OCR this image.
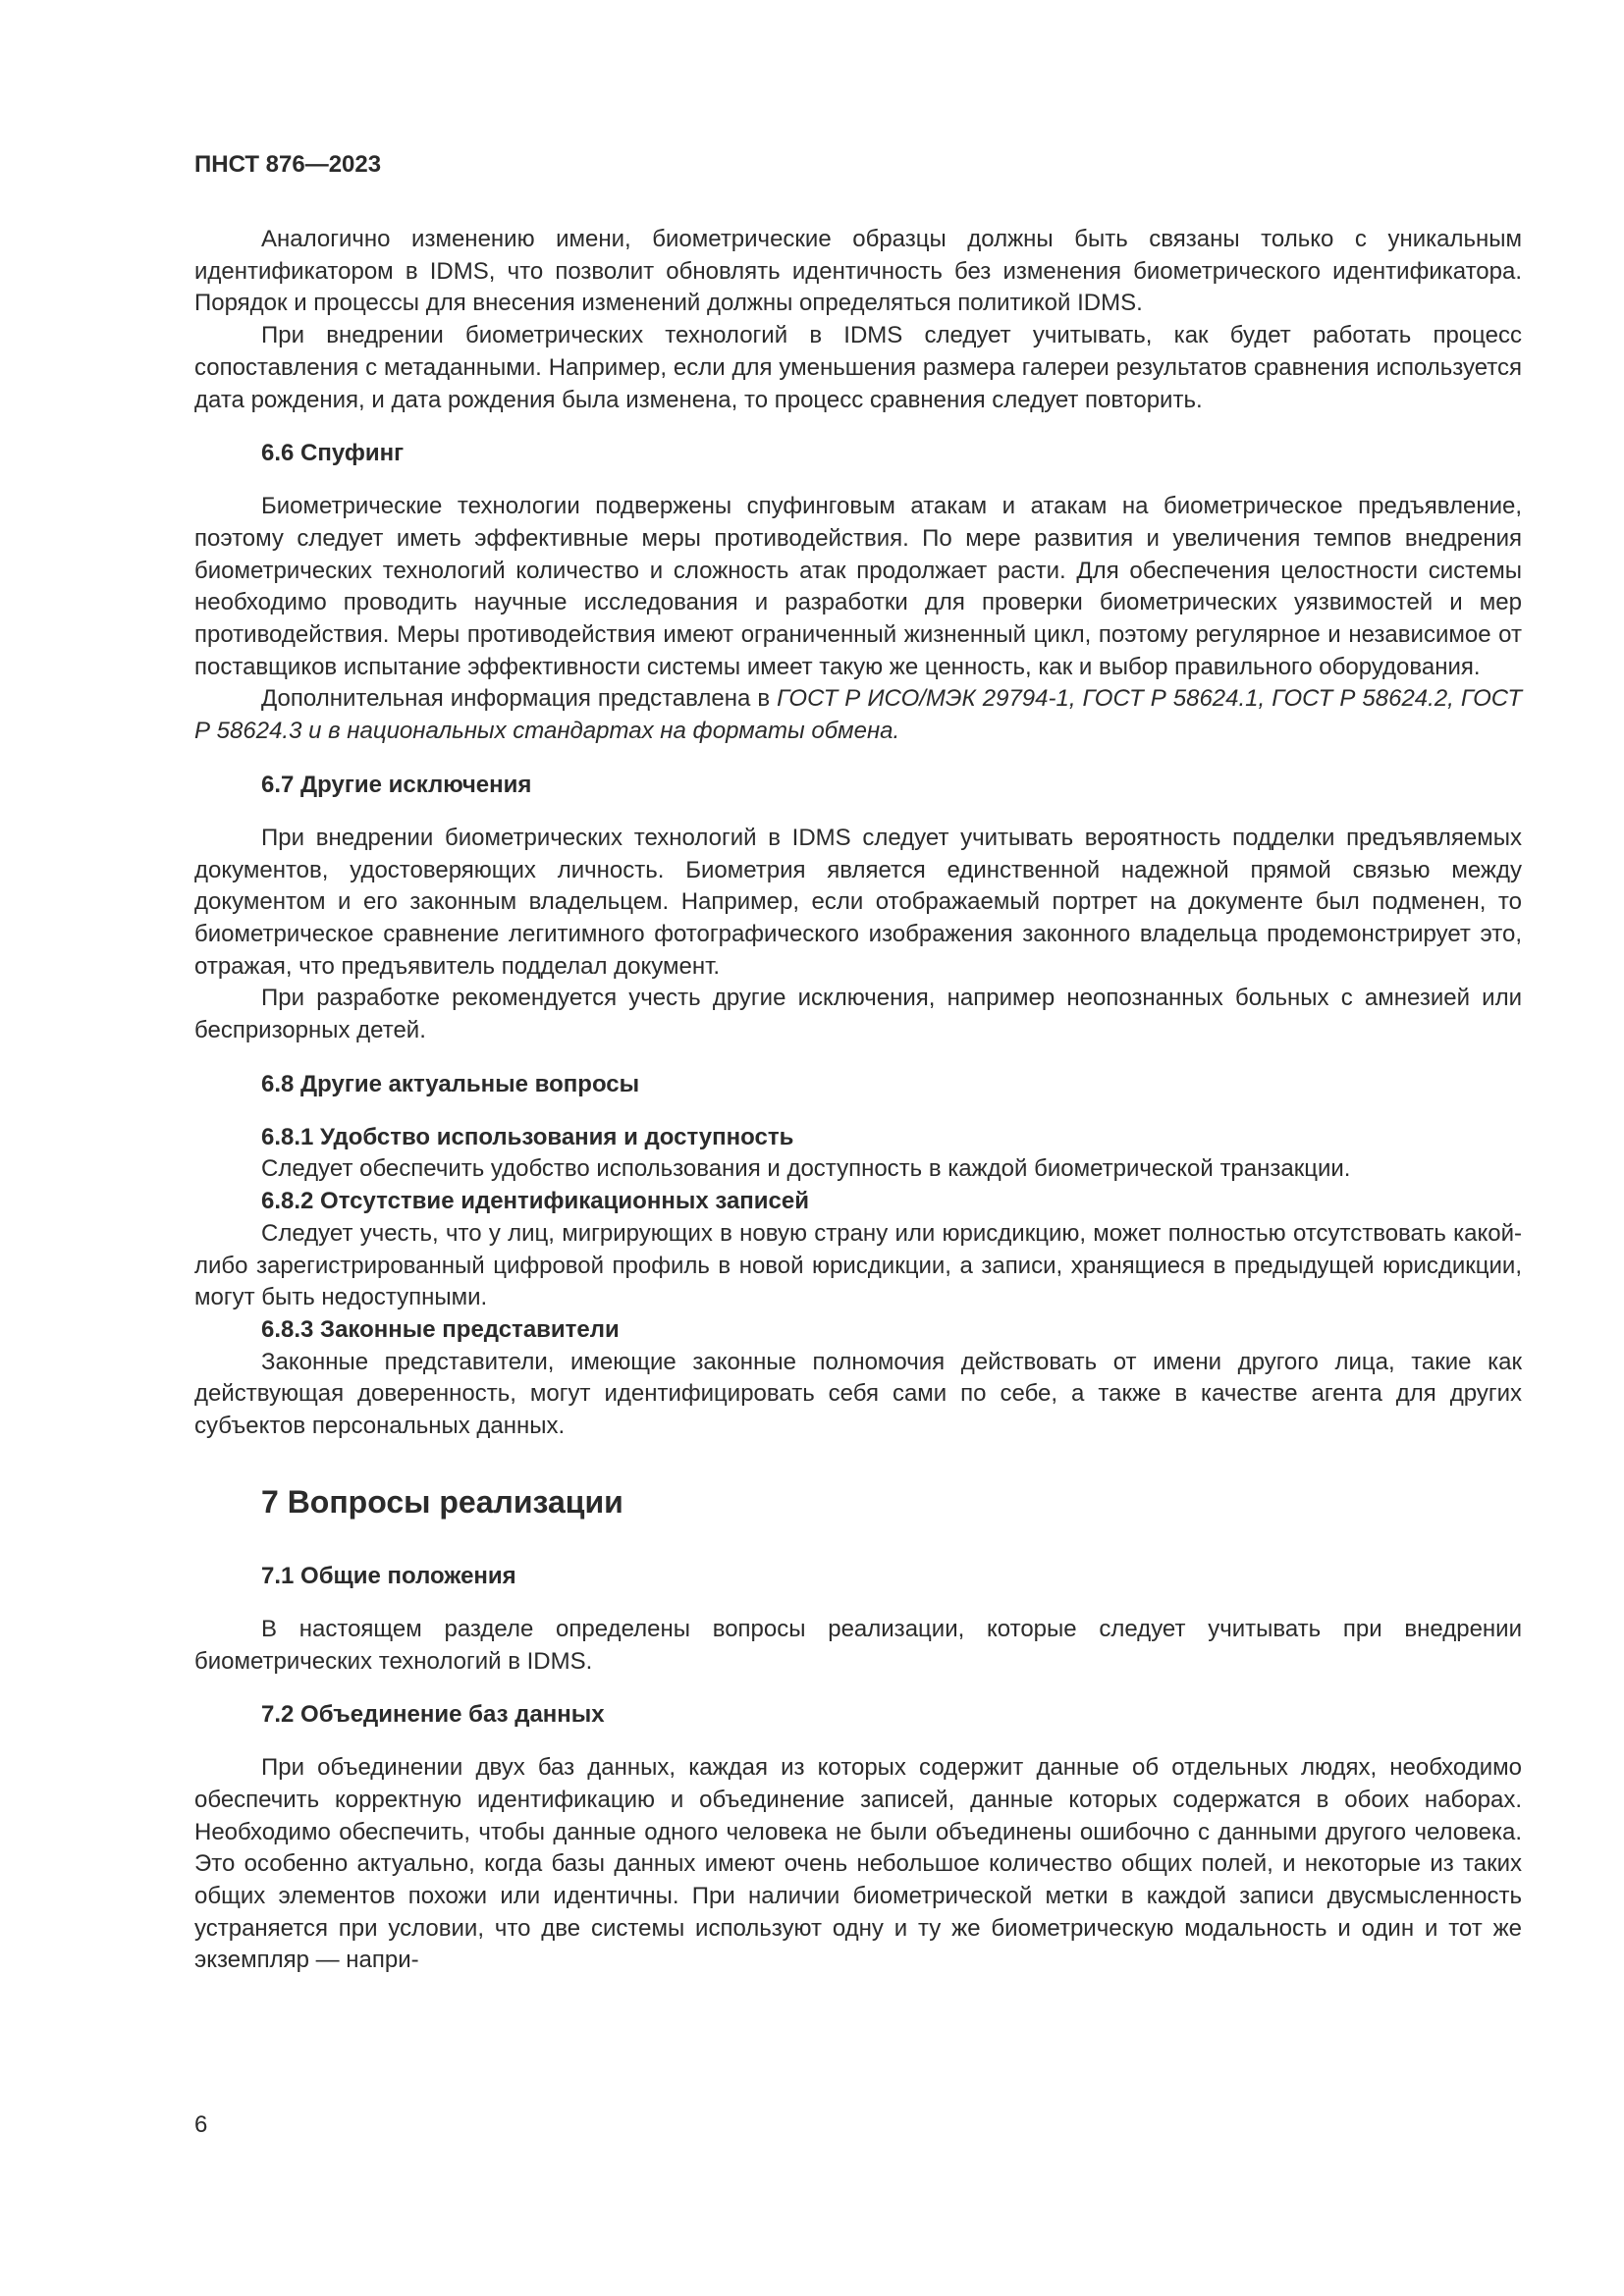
ПНСТ 876—2023

Аналогично изменению имени, биометрические образцы должны быть связаны только с уникальным идентификатором в IDMS, что позволит обновлять идентичность без изменения биометрического идентификатора. Порядок и процессы для внесения изменений должны определяться политикой IDMS.

При внедрении биометрических технологий в IDMS следует учитывать, как будет работать процесс сопоставления с метаданными. Например, если для уменьшения размера галереи результатов сравнения используется дата рождения, и дата рождения была изменена, то процесс сравнения следует повторить.

6.6 Спуфинг

Биометрические технологии подвержены спуфинговым атакам и атакам на биометрическое предъявление, поэтому следует иметь эффективные меры противодействия. По мере развития и увеличения темпов внедрения биометрических технологий количество и сложность атак продолжает расти. Для обеспечения целостности системы необходимо проводить научные исследования и разработки для проверки биометрических уязвимостей и мер противодействия. Меры противодействия имеют ограниченный жизненный цикл, поэтому регулярное и независимое от поставщиков испытание эффективности системы имеет такую же ценность, как и выбор правильного оборудования.

Дополнительная информация представлена в ГОСТ Р ИСО/МЭК 29794-1, ГОСТ Р 58624.1, ГОСТ Р 58624.2, ГОСТ Р 58624.3 и в национальных стандартах на форматы обмена.

6.7 Другие исключения

При внедрении биометрических технологий в IDMS следует учитывать вероятность подделки предъявляемых документов, удостоверяющих личность. Биометрия является единственной надежной прямой связью между документом и его законным владельцем. Например, если отображаемый портрет на документе был подменен, то биометрическое сравнение легитимного фотографического изображения законного владельца продемонстрирует это, отражая, что предъявитель подделал документ.

При разработке рекомендуется учесть другие исключения, например неопознанных больных с амнезией или беспризорных детей.

6.8 Другие актуальные вопросы
6.8.1 Удобство использования и доступность

Следует обеспечить удобство использования и доступность в каждой биометрической транзакции.

6.8.2 Отсутствие идентификационных записей

Следует учесть, что у лиц, мигрирующих в новую страну или юрисдикцию, может полностью отсутствовать какой-либо зарегистрированный цифровой профиль в новой юрисдикции, а записи, хранящиеся в предыдущей юрисдикции, могут быть недоступными.

6.8.3 Законные представители

Законные представители, имеющие законные полномочия действовать от имени другого лица, такие как действующая доверенность, могут идентифицировать себя сами по себе, а также в качестве агента для других субъектов персональных данных.

7 Вопросы реализации
7.1 Общие положения

В настоящем разделе определены вопросы реализации, которые следует учитывать при внедрении биометрических технологий в IDMS.

7.2 Объединение баз данных

При объединении двух баз данных, каждая из которых содержит данные об отдельных людях, необходимо обеспечить корректную идентификацию и объединение записей, данные которых содержатся в обоих наборах. Необходимо обеспечить, чтобы данные одного человека не были объединены ошибочно с данными другого человека. Это особенно актуально, когда базы данных имеют очень небольшое количество общих полей, и некоторые из таких общих элементов похожи или идентичны. При наличии биометрической метки в каждой записи двусмысленность устраняется при условии, что две системы используют одну и ту же биометрическую модальность и один и тот же экземпляр — напри-

6
